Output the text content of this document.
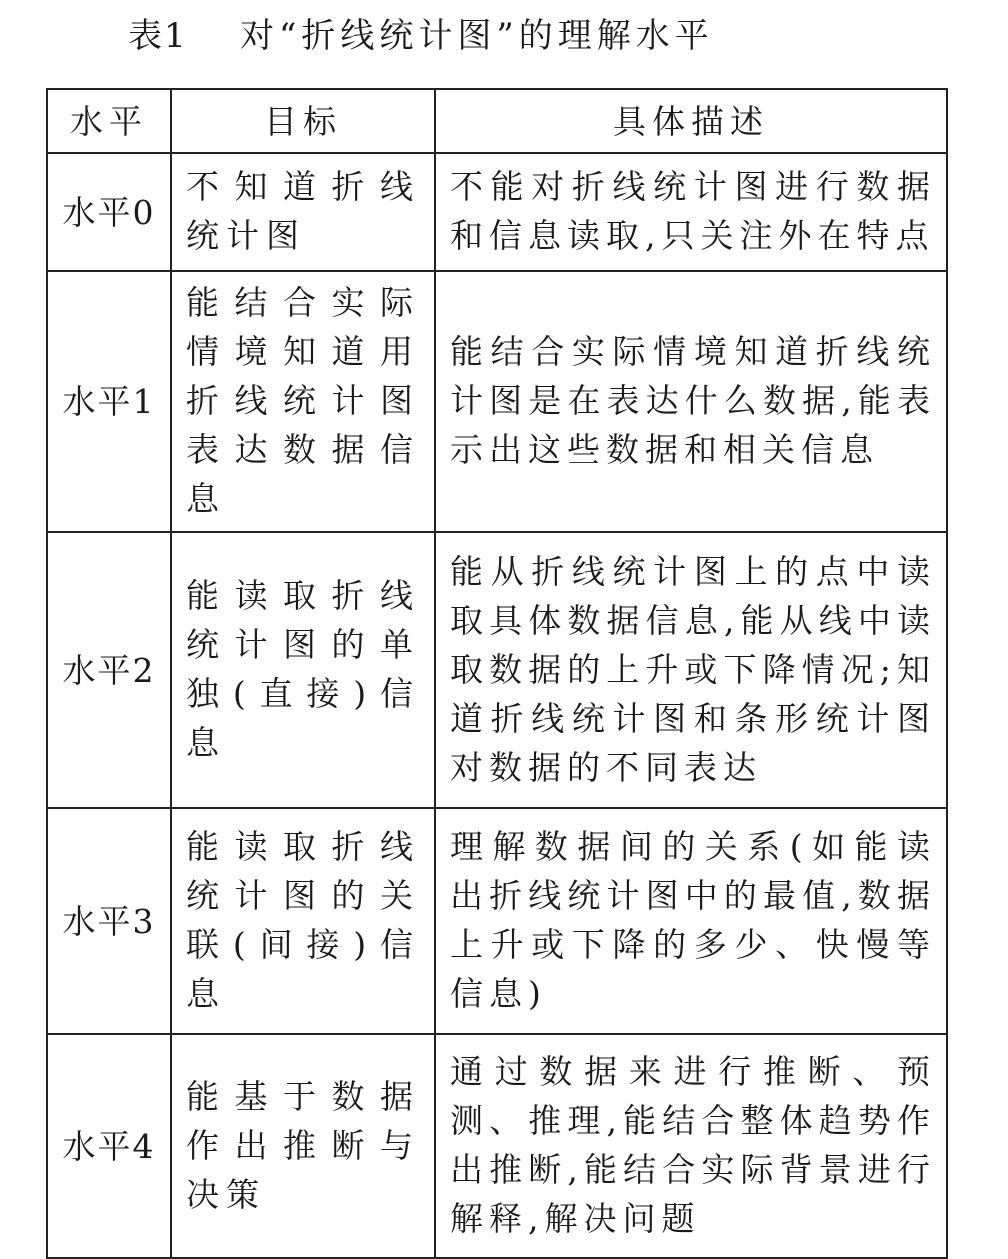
表1 对“折线统计图”的理解水平
水平	目标	具体描述
水平0	不知道折线统计图	不能对折线统计图进行数据和信息读取,只关注外在特点
水平1	能结合实际情境知道用折线统计图表达数据信息	能结合实际情境知道折线统计图是在表达什么数据,能表示出这些数据和相关信息
水平2	能读取折线统计图的单独(直接)信息	能从折线统计图上的点中读取具体数据信息,能从线中读取数据的上升或下降情况;知道折线统计图和条形统计图对数据的不同表达
水平3	能读取折线统计图的关联(间接)信息	理解数据间的关系(如能读出折线统计图中的最值,数据上升或下降的多少、快慢等信息)
水平4	能基于数据作出推断与决策	通过数据来进行推断、预测、推理,能结合整体趋势作出推断,能结合实际背景进行解释,解决问题
